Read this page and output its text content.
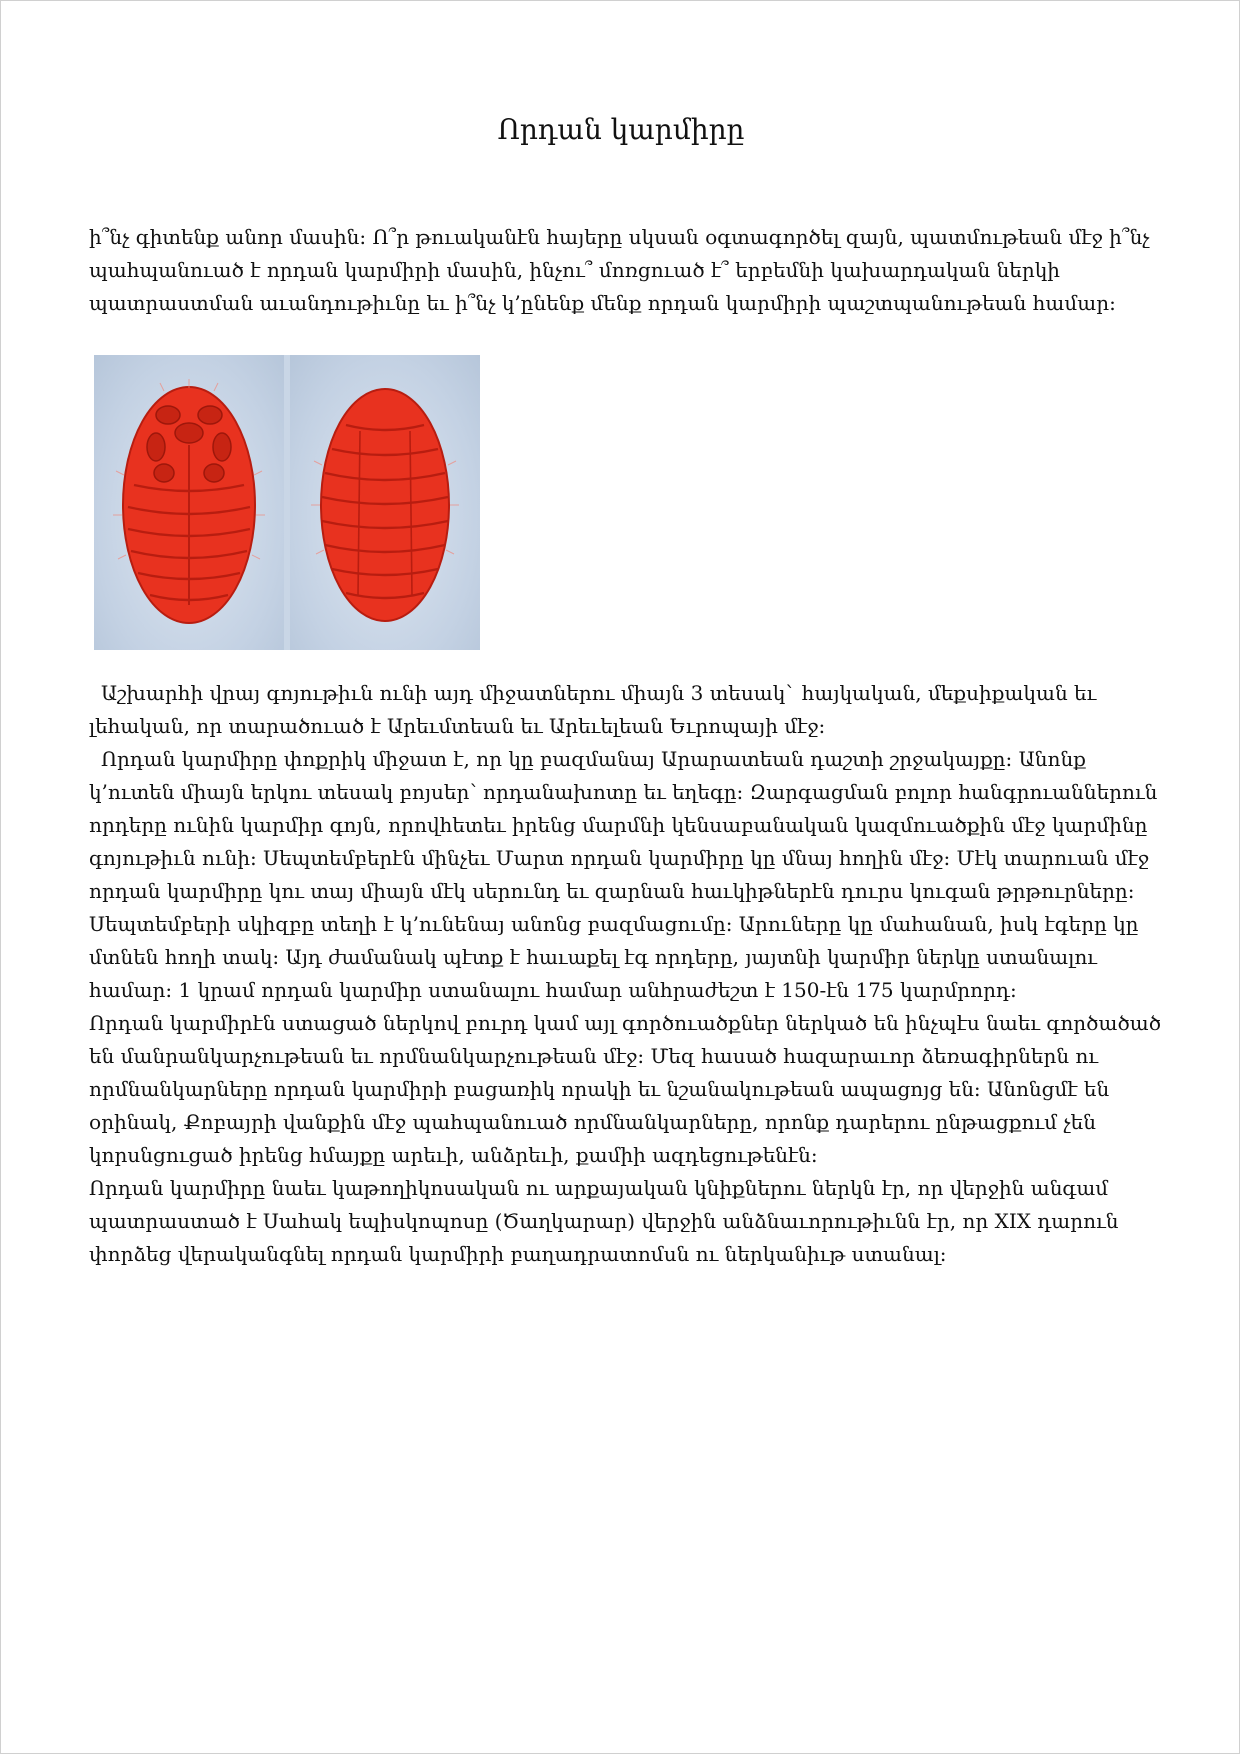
Որդան կարմիրը

ի՞նչ գիտենք անոր մասին: Ո՞ր թուականէն հայերը սկսան օգտագործել զայն, պատմութեան մէջ ի՞նչ պահպանուած է որդան կարմիրի մասին, ինչու՞ մոռցուած է՞ երբեմնի կախարդական ներկի պատրաստման աւանդութիւնը եւ ի՞նչ կ’ընենք մենք որդան կարմիրի պաշտպանութեան համար:

Աշխարհի վրայ գոյութիւն ունի այդ միջատներու միայն 3 տեսակ` հայկական, մեքսիքական եւ լեհական, որ տարածուած է Արեւմտեան եւ Արեւելեան Եւրոպայի մէջ:

Որդան կարմիրը փոքրիկ միջատ է, որ կը բազմանայ Արարատեան դաշտի շրջակայքը: Անոնք կ’ուտեն միայն երկու տեսակ բոյսեր՝ որդանախոտը եւ եղեգը: Զարգացման բոլոր հանգրուաններուն որդերը ունին կարմիր գոյն, որովհետեւ իրենց մարմնի կենսաբանական կազմուածքին մէջ կարմինը գոյութիւն ունի: Սեպտեմբերէն մինչեւ Մարտ որդան կարմիրը կը մնայ հողին մէջ: Մէկ տարուան մէջ որդան կարմիրը կու տայ միայն մէկ սերունդ եւ զարնան հաւկիթներէն դուրս կուգան թրթուրները: Սեպտեմբերի սկիզբը տեղի է կ’ունենայ անոնց բազմացումը: Արուները կը մահանան, իսկ էգերը կը մտնեն հողի տակ: Այդ ժամանակ պէտք է հաւաքել էգ որդերը, յայտնի կարմիր ներկը ստանալու համար: 1 կրամ որդան կարմիր ստանալու համար անհրաժեշտ է 150-էն 175 կարմրորդ:

Որդան կարմիրէն ստացած ներկով բուրդ կամ այլ գործուածքներ ներկած են ինչպէս նաեւ գործածած են մանրանկարչութեան եւ որմնանկարչութեան մէջ: Մեզ հասած հազարաւոր ձեռագիրներն ու որմնանկարները որդան կարմիրի բացառիկ որակի եւ նշանակութեան ապացոյց են: Անոնցմէ են օրինակ, Քոբայրի վանքին մէջ պահպանուած որմնանկարները, որոնք դարերու ընթացքում չեն կորսնցուցած իրենց հմայքը արեւի, անձրեւի, քամիի ազդեցութենէն:

Որդան կարմիրը նաեւ կաթողիկոսական ու արքայական կնիքներու ներկն էր, որ վերջին անգամ պատրաստած է Սահակ եպիսկոպոսը (Ծաղկարար) վերջին անձնաւորութիւնն էր, որ XIX դարուն փորձեց վերականգնել որդան կարմիրի բաղադրատոմսն ու ներկանիւթ ստանալ:
